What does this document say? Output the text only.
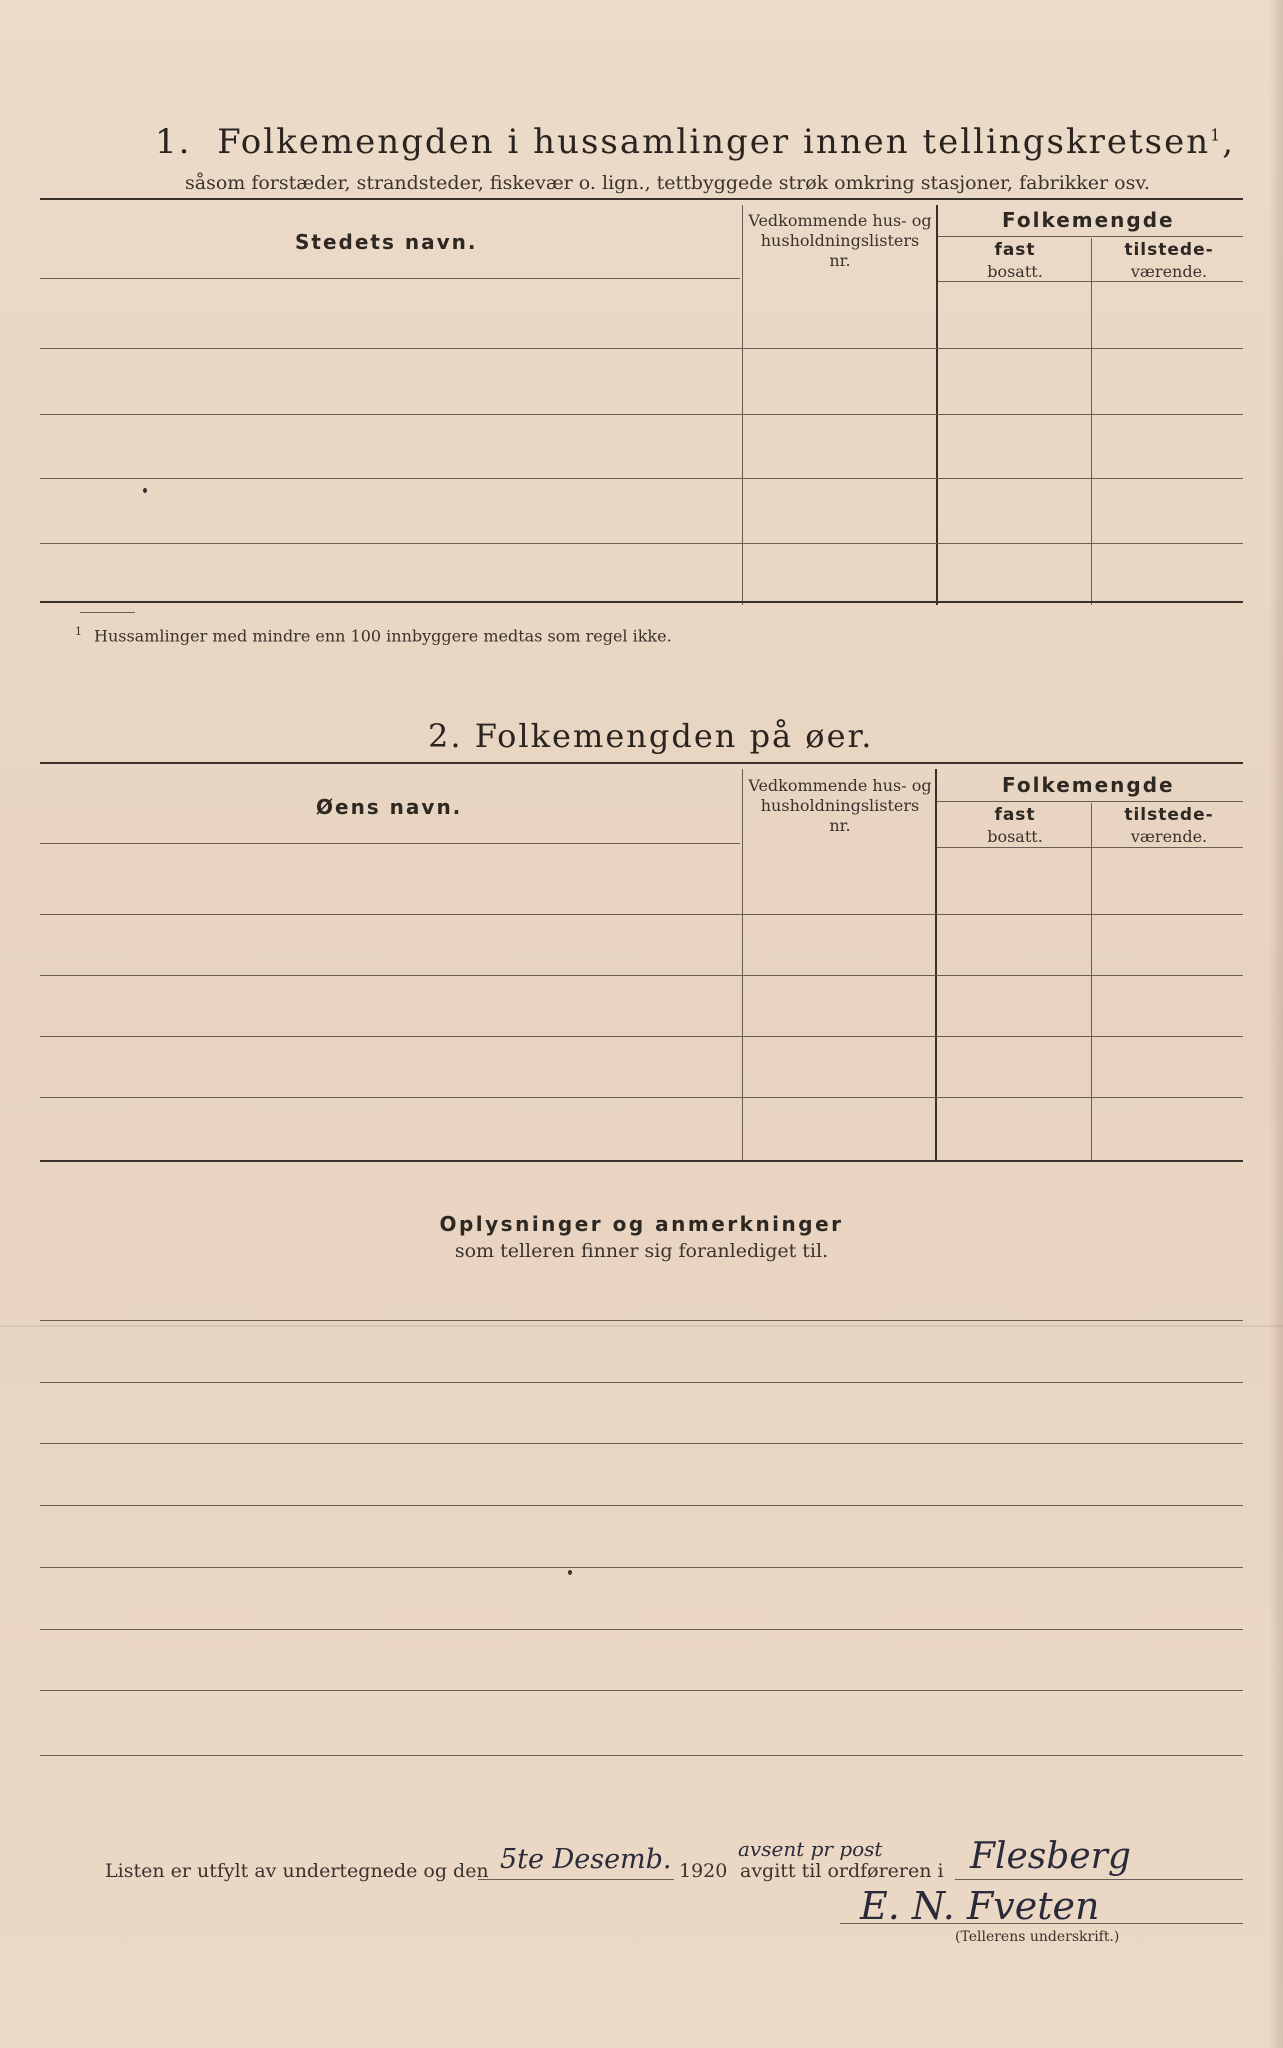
1. Folkemengden i hussamlinger innen tellingskretsen$^1$,
såsom forstæder, strandsteder, fiskevær o. lign., tettbyggede strøk omkring stasjoner, fabrikker osv.
Stedets navn.
Vedkommende hus- og
husholdningslisters
nr.
Folkemengde
fast
bosatt.
tilstede-
værende.
$^1$ Hussamlinger med mindre enn 100 innbyggere medtas som regel ikke.
2. Folkemengden på øer.
Øens navn.
Vedkommende hus- og
husholdningslisters
nr.
Folkemengde
fast
bosatt.
tilstede-
værende.
Oplysninger og anmerkninger
som telleren finner sig foranlediget til.
Listen er utfylt av undertegnede og den 5te Desemb. 1920
avsent pr post
avgitt til ordføreren i Flesberg
E. N. Fveten
(Tellerens underskrift.)
